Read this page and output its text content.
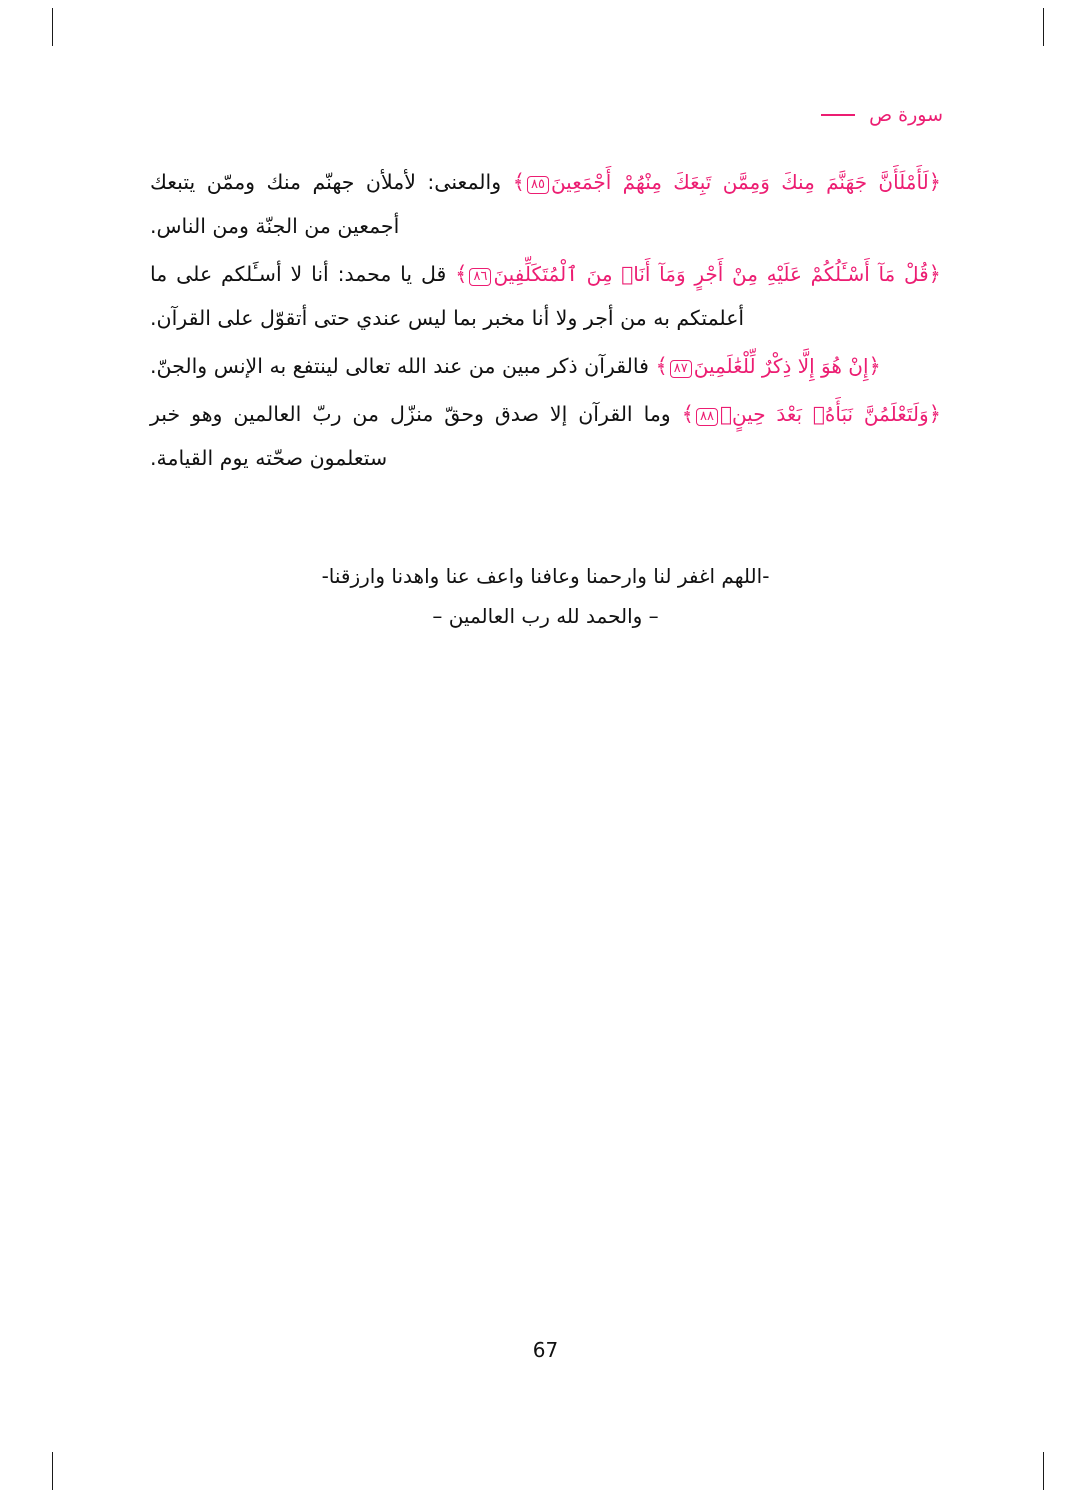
سورة ص

﴿لَأَمْلَأَنَّ جَهَنَّمَ مِنكَ وَمِمَّن تَبِعَكَ مِنْهُمْ أَجْمَعِينَ٨٥﴾ والمعنى: لأملأن جهنّم منك وممّن يتبعك أجمعين من الجنّة ومن الناس.

﴿قُلْ مَآ أَسْـَٔلُكُمْ عَلَيْهِ مِنْ أَجْرٍ وَمَآ أَنَا۠ مِنَ ٱلْمُتَكَلِّفِينَ٨٦﴾ قل يا محمد: أنا لا أسـَٔلكم على ما أعلمتكم به من أجر ولا أنا مخبر بما ليس عندي حتى أتقوّل على القرآن.

﴿إِنْ هُوَ إِلَّا ذِكْرٌ لِّلْعَٰلَمِينَ٨٧﴾ فالقرآن ذكر مبين من عند الله تعالى لينتفع به الإنس والجنّ.

﴿وَلَتَعْلَمُنَّ نَبَأَهُۥ بَعْدَ حِينٍۭ٨٨﴾ وما القرآن إلا صدق وحقّ منزّل من ربّ العالمين وهو خبر ستعلمون صحّته يوم القيامة.

-اللهم اغفر لنا وارحمنا وعافنا واعف عنا واهدنا وارزقنا-
– والحمد لله رب العالمين –
67
